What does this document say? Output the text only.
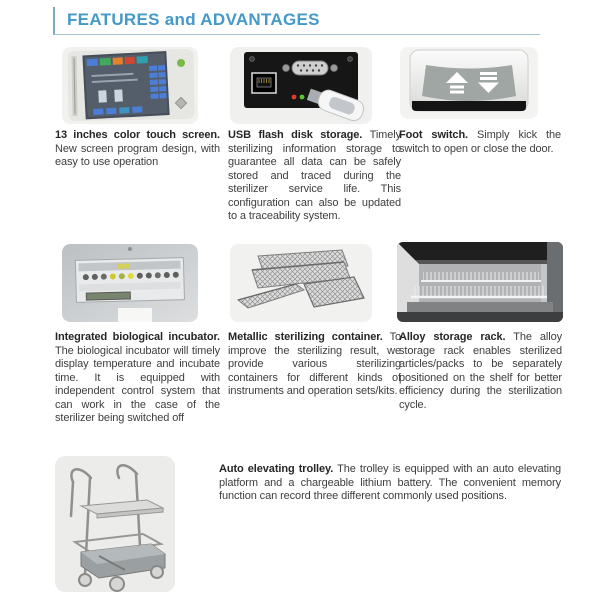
FEATURES and ADVANTAGES

13 inches color touch screen. New screen program design, with easy to use operation

USB flash disk storage. Timely sterilizing information storage to guarantee all data can be safely stored and traced during the sterilizer service life. This configuration can also be updated to a traceability system.

Foot switch. Simply kick the switch to open or close the door.

Integrated biological incubator. The biological incubator will timely display temperature and incubate time. It is equipped with independent control system that can work in the case of the sterilizer being switched off

Metallic sterilizing container. To improve the sterilizing result, we provide various sterilizing containers for different kinds of instruments and operation sets/kits.

Alloy storage rack. The alloy storage rack enables sterilized articles/packs to be separately positioned on the shelf for better efficiency during the sterilization cycle.

Auto elevating trolley. The trolley is equipped with an auto elevating platform and a chargeable lithium battery. The convenient memory function can record three different commonly used positions.
